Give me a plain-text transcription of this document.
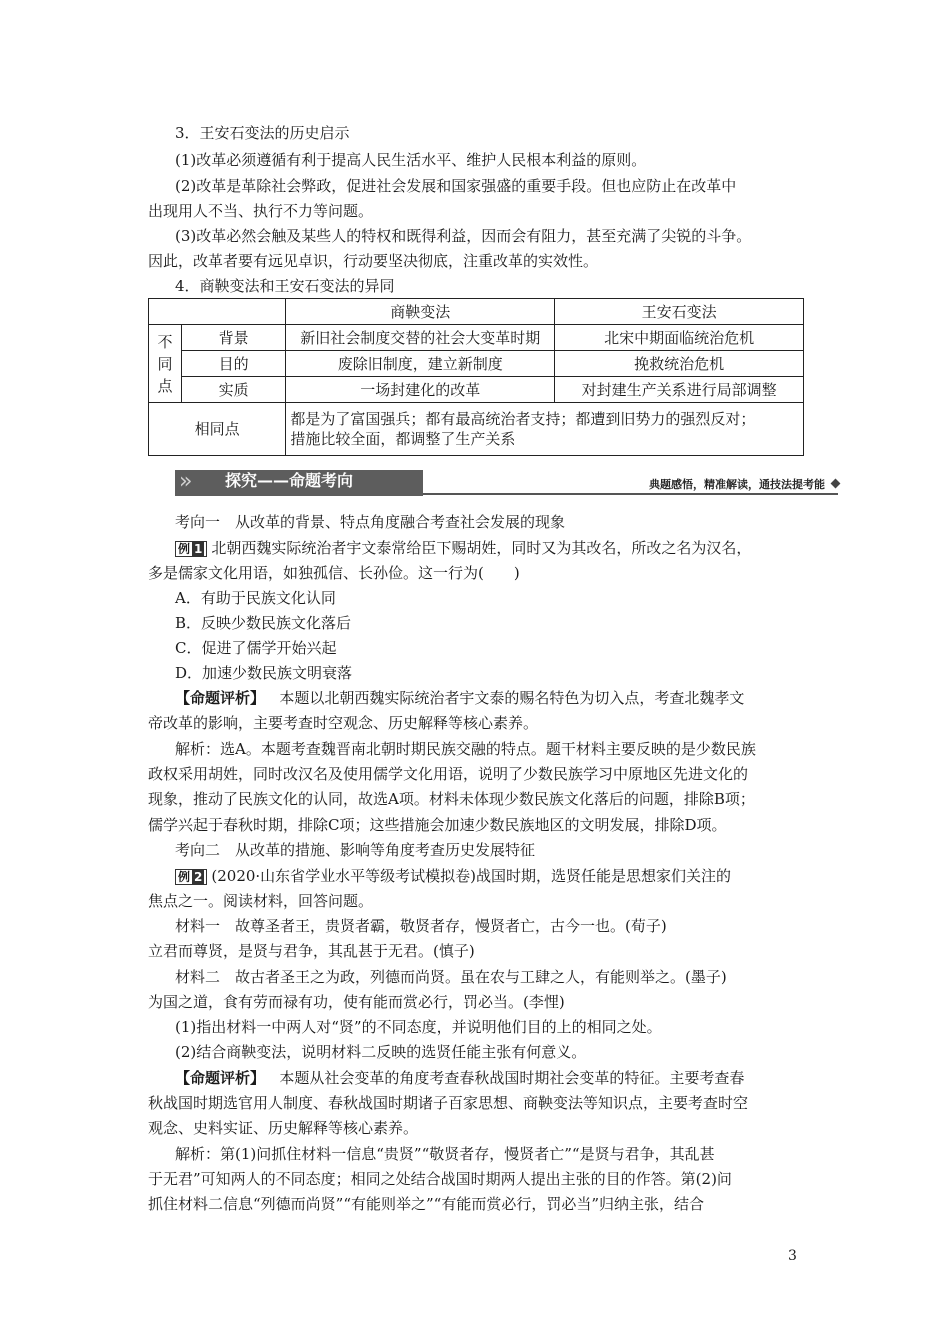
3．王安石变法的历史启示
(1)改革必须遵循有利于提高人民生活水平、维护人民根本利益的原则。
(2)改革是革除社会弊政，促进社会发展和国家强盛的重要手段。但也应防止在改革中
出现用人不当、执行不力等问题。
(3)改革必然会触及某些人的特权和既得利益，因而会有阻力，甚至充满了尖锐的斗争。
因此，改革者要有远见卓识，行动要坚决彻底，注重改革的实效性。
4．商鞅变法和王安石变法的异同
		商鞅变法	王安石变法
不同点	背景	新旧社会制度交替的社会大变革时期	北宋中期面临统治危机
	目的	废除旧制度，建立新制度	挽救统治危机
	实质	一场封建化的改革	对封建生产关系进行局部调整
相同点		都是为了富国强兵；都有最高统治者支持；都遭到旧势力的强烈反对；
措施比较全面，都调整了生产关系	
» 探究——命题考向	典题感悟，精准解读，通技法提考能
考向一　从改革的背景、特点角度融合考查社会发展的现象
例 1 北朝西魏实际统治者宇文泰常给臣下赐胡姓，同时又为其改名，所改之名为汉名，
多是儒家文化用语，如独孤信、长孙俭。这一行为(　　)
A．有助于民族文化认同
B．反映少数民族文化落后
C．促进了儒学开始兴起
D．加速少数民族文明衰落
【命题评析】 本题以北朝西魏实际统治者宇文泰的赐名特色为切入点，考查北魏孝文
帝改革的影响，主要考查时空观念、历史解释等核心素养。
解析：选A。本题考查魏晋南北朝时期民族交融的特点。题干材料主要反映的是少数民族
政权采用胡姓，同时改汉名及使用儒学文化用语，说明了少数民族学习中原地区先进文化的
现象，推动了民族文化的认同，故选A项。材料未体现少数民族文化落后的问题，排除B项；
儒学兴起于春秋时期，排除C项；这些措施会加速少数民族地区的文明发展，排除D项。
考向二　从改革的措施、影响等角度考查历史发展特征
例 2 (2020·山东省学业水平等级考试模拟卷)战国时期，选贤任能是思想家们关注的
焦点之一。阅读材料，回答问题。
材料一　故尊圣者王，贵贤者霸，敬贤者存，慢贤者亡，古今一也。(荀子)
立君而尊贤，是贤与君争，其乱甚于无君。(慎子)
材料二　故古者圣王之为政，列德而尚贤。虽在农与工肆之人，有能则举之。(墨子)
为国之道，食有劳而禄有功，使有能而赏必行，罚必当。(李悝)
(1)指出材料一中两人对“贤”的不同态度，并说明他们目的上的相同之处。
(2)结合商鞅变法，说明材料二反映的选贤任能主张有何意义。
【命题评析】 本题从社会变革的角度考查春秋战国时期社会变革的特征。主要考查春
秋战国时期选官用人制度、春秋战国时期诸子百家思想、商鞅变法等知识点，主要考查时空
观念、史料实证、历史解释等核心素养。
解析：第(1)问抓住材料一信息“贵贤”“敬贤者存，慢贤者亡”“是贤与君争，其乱甚
于无君”可知两人的不同态度；相同之处结合战国时期两人提出主张的目的作答。第(2)问
抓住材料二信息“列德而尚贤”“有能则举之”“有能而赏必行，罚必当”归纳主张，结合
3
